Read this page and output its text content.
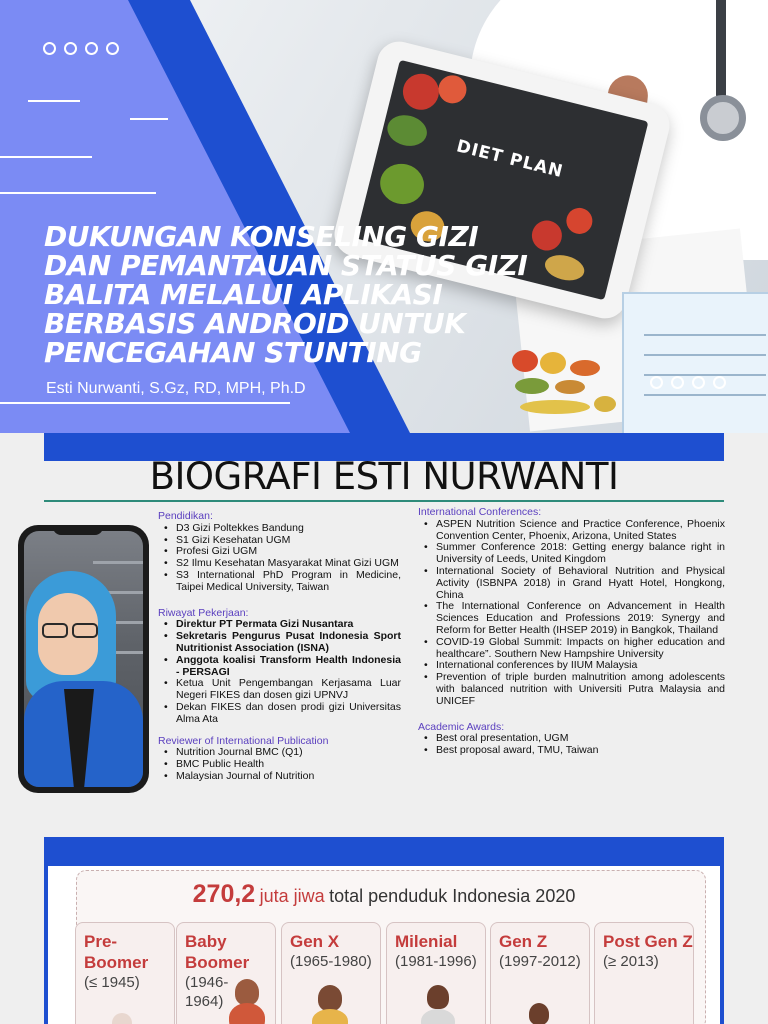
DIET PLAN
DUKUNGAN KONSELING GIZI
DAN PEMANTAUAN STATUS GIZI
BALITA MELALUI APLIKASI
BERBASIS ANDROID UNTUK
PENCEGAHAN STUNTING
Esti Nurwanti, S.Gz, RD, MPH, Ph.D
BIOGRAFI ESTI NURWANTI
Pendidikan:
• D3 Gizi Poltekkes Bandung
• S1 Gizi Kesehatan UGM
• Profesi Gizi UGM
• S2 Ilmu Kesehatan Masyarakat Minat Gizi UGM
• S3 International PhD Program in Medicine, Taipei Medical University, Taiwan
Riwayat Pekerjaan:
• Direktur PT Permata Gizi Nusantara
• Sekretaris Pengurus Pusat Indonesia Sport Nutritionist Association (ISNA)
• Anggota koalisi Transform Health Indonesia - PERSAGI
• Ketua Unit Pengembangan Kerjasama Luar Negeri FIKES dan dosen gizi UPNVJ
• Dekan FIKES dan dosen prodi gizi Universitas Alma Ata
Reviewer of International Publication
• Nutrition Journal BMC (Q1)
• BMC Public Health
• Malaysian Journal of Nutrition
International Conferences:
• ASPEN Nutrition Science and Practice Conference, Phoenix Convention Center, Phoenix, Arizona, United States
• Summer Conference 2018: Getting energy balance right in University of Leeds, United Kingdom
• International Society of Behavioral Nutrition and Physical Activity (ISBNPA 2018) in Grand Hyatt Hotel, Hongkong, China
• The International Conference on Advancement in Health Sciences Education and Professions 2019: Synergy and Reform for Better Health (IHSEP 2019) in Bangkok, Thailand
• COVID-19 Global Summit: Impacts on higher education and healthcare”. Southern New Hampshire University
• International conferences by IIUM Malaysia
• Prevention of triple burden malnutrition among adolescents with balanced nutrition with Universiti Putra Malaysia and UNICEF
Academic Awards:
• Best oral presentation, UGM
• Best proposal award, TMU, Taiwan
270,2 juta jiwa total penduduk Indonesia 2020
Pre-
Boomer
(≤ 1945)
Baby
Boomer
(1946-
1964)
Gen X
(1965-1980)
Milenial
(1981-1996)
Gen Z
(1997-2012)
Post Gen Z
(≥ 2013)
